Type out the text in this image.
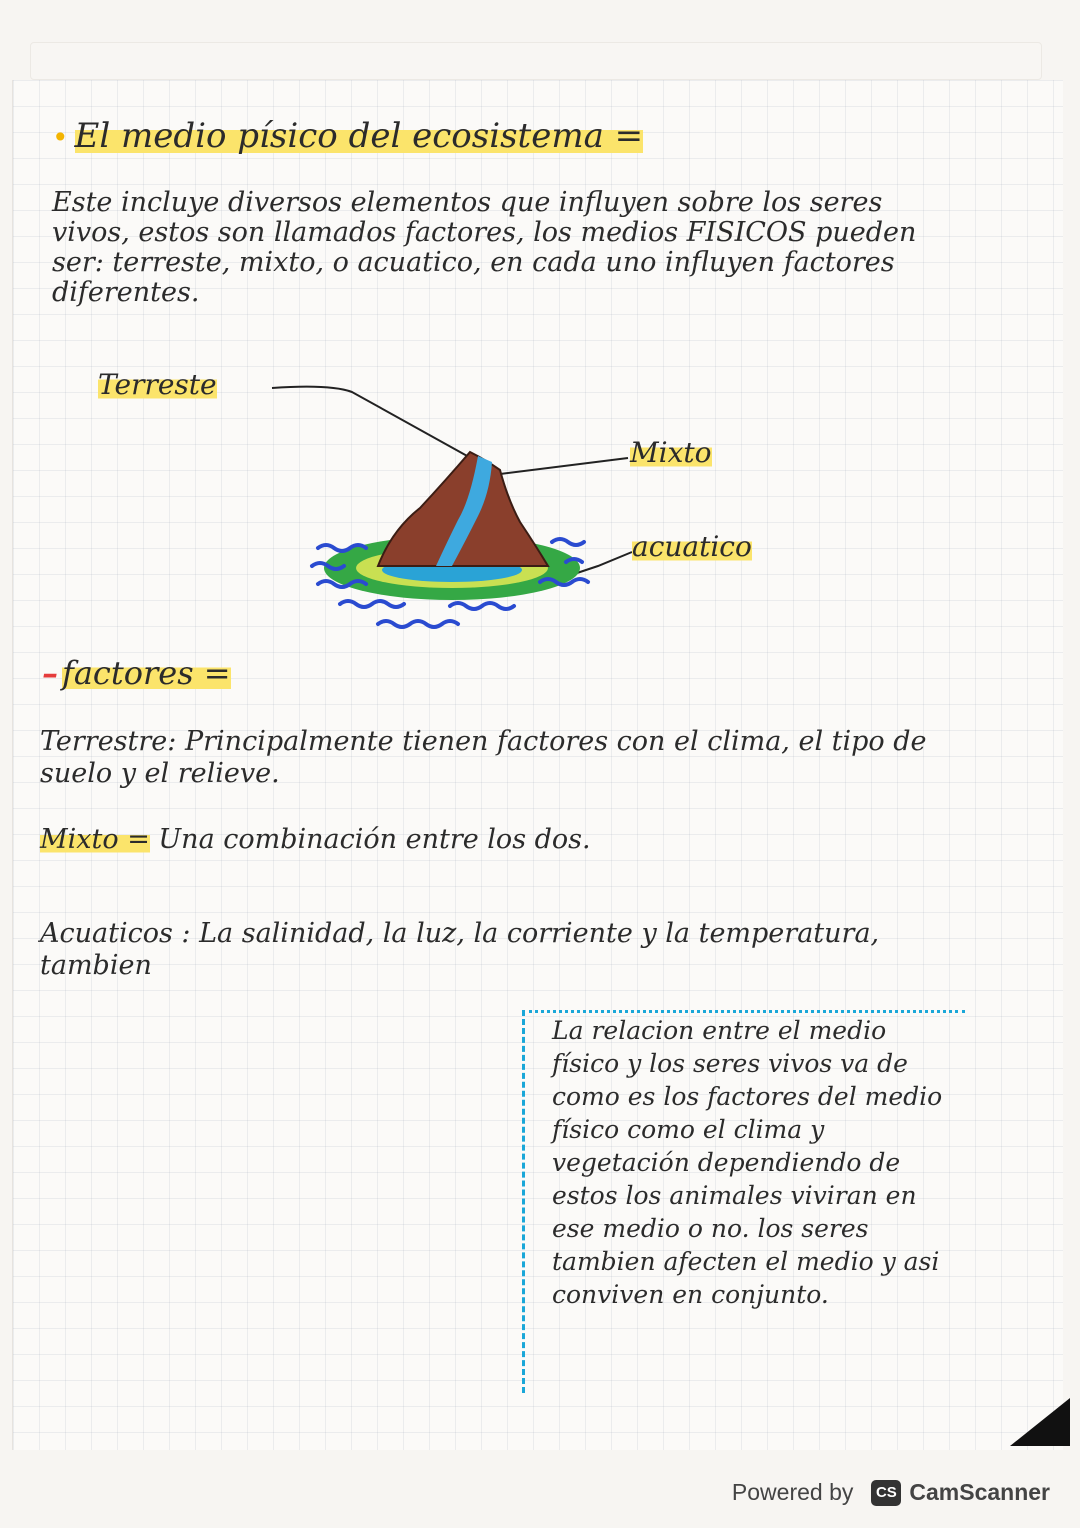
• El medio písico del ecosistema =

Este incluye diversos elementos que influyen sobre los seres vivos, estos son llamados factores, los medios FISICOS pueden ser: terreste, mixto, o acuatico, en cada uno influyen factores diferentes.

Terreste

Mixto

acuatico

– factores =

Terrestre: Principalmente tienen factores con el clima, el tipo de suelo y el relieve.

Mixto = Una combinación entre los dos.

Acuaticos : La salinidad, la luz, la corriente y la temperatura, tambien

La relacion entre el medio físico y los seres vivos va de como es los factores del medio físico como el clima y vegetación dependiendo de estos los animales viviran en ese medio o no. los seres tambien afecten el medio y asi conviven en conjunto.

Powered by	CS CamScanner
